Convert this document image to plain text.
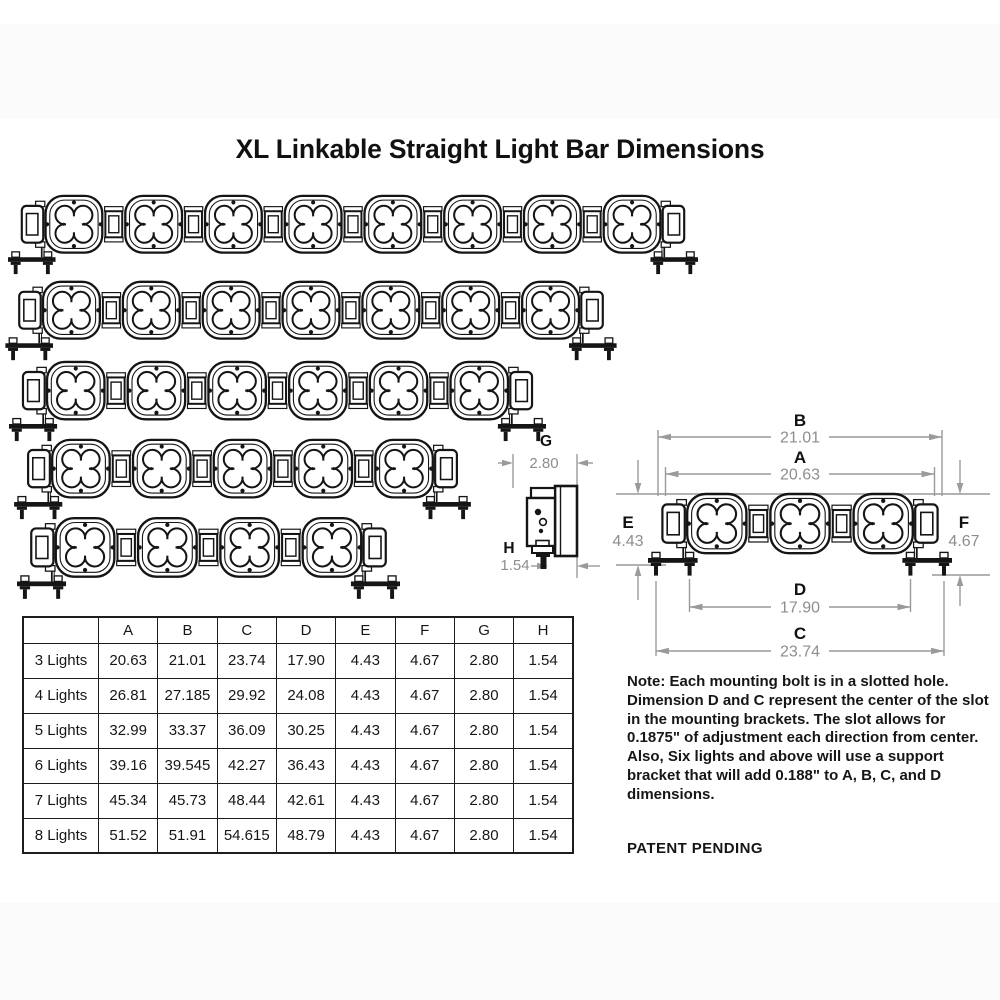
XL Linkable Straight Light Bar Dimensions
G
2.80
H
1.54
B
21.01
A
20.63
E
4.43
F
4.67
D
17.90
C
23.74
	A	B	C	D	E	F	G	H
3 Lights	20.63	21.01	23.74	17.90	4.43	4.67	2.80	1.54
4 Lights	26.81	27.185	29.92	24.08	4.43	4.67	2.80	1.54
5 Lights	32.99	33.37	36.09	30.25	4.43	4.67	2.80	1.54
6 Lights	39.16	39.545	42.27	36.43	4.43	4.67	2.80	1.54
7 Lights	45.34	45.73	48.44	42.61	4.43	4.67	2.80	1.54
8 Lights	51.52	51.91	54.615	48.79	4.43	4.67	2.80	1.54
Note: Each mounting bolt is in a slotted hole. Dimension D and C represent the center of the slot in the mounting brackets. The slot allows for 0.1875" of adjustment each direction from center. Also, Six lights and above will use a support bracket that will add 0.188" to A, B, C, and D dimensions.
PATENT PENDING
